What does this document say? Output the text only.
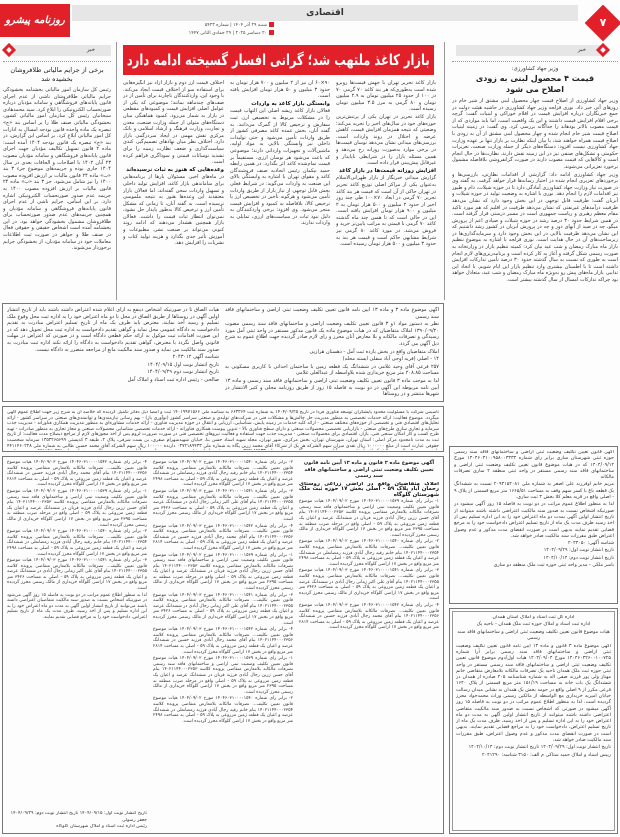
روزنامه پیشرو	شنبه ۲۹ آذر ۱۴۰۴ | شماره ۵۴۲۳
۲۰ دسامبر ۲۰۲۵ | ۲۹ جمادی الثانی ۱۴۴۷
اقتصادی
۷
خبر
وزیر جهاد کشاورزی:
قیمت ۴ محصول لبنی به زودی اصلاح می شود

وزیر جهاد کشاورزی از اصلاح قیمت چهار محصول لبنی مشتق از شیر خام در روزهای آتی خبر داد. نوری قزلجه وزیر جهاد کشاورزی در حاشیه هیئت دولت در جمع خبرنگاران درباره افزایش قیمت در اقلام خوراکی و لبنیات گفت: گرچه برخی اقلام افزایش قیمت داشتند و این یک واقعیت است، اما باید مواردی که از قیمت مصوب بالاتر بودهاند را جداگانه بررسی کرد. وی گفت: در زمینه لبنیات اصلاح قیمت شیر خام انجام شده و چهار محصول لبنی مشتق از آن به زودی با اصلاح قیمت همراه خواهند شد، با بیان اینکه نظارت بر بازار تنها بر عهده وزارت جهاد کشاورزی نیست افزود: دستگاه‌های دیگر از جمله وزارت صنعت، تعزیرات حکومتی و تشکل‌های صنفی نیز در این زمینه نقش دارند. نظارت‌ها در حال انجام است و کالاهایی که قیمت مصوب دارند در صورت گرانفروشی بلافاصله مشمول برخورد تعزیراتی می‌شوند.

وزیر جهاد کشاورزی ادامه داد: گزارشی از اقدامات نظارتی، بازرسی‌ها و برخوردهای تعزیری انجام شده در اختیار رسانه‌ها قرار خواهد گرفت. به گفته وی در صورت نیاز وزارت جهاد کشاورزی آمادگی دارد تا در حوزه شیلات، دام و طیور نیز اقدامات لازم را انجام دهد. نوری با اشاره به وضعیت تولید در حوزه شیلات و آبزیان گفت: ظرفیت قابل توجهی در این بخش وجود دارد که نشان می‌دهد ظرفیت درآمدهای غیرنفتی که نشان می‌دهد طرفیت در اقلیم که هم مورد تاکید مقام معظم رهبری و ریاست جمهوری است در مسیر درستی قرار گرفته است. در همین شرایط حدود ۳۰ درصد رشد در حوزه شیلات و صیادی اعم از پرورش میگو، چه در صید از آبهای دور و چه در پرورش آبزیان در کشور رشد داشتیم که این نشان می‌دهد ظرفیت بالایی در این بخش وجود دارد و سرمایه‌گذاری‌ها در زیرساخت‌های آن در حال هدایت است. نوری قزلجه با اشاره به موضوع تنظیم بازار ماه مبارک رمضان و شب عید بیان کرد: کمیته تنظیم بازار در وزارتخانه به صورت رسمی شکل گرفته و آغاز به کار کرده است و برنامه‌ریزی‌های لازم انجام است به طوری که نسبت به سال گذشته حدود ۳۰ درصد تأمین تدارکات افزایش داشته است تا با اطمینان بیشتری وارد تنظیم بازار این ایام شویم. با اتخاذ این تدابیر، بازار ماه‌های پیش رو به‌ویژه ماه مبارک رمضان و شب عید، متعادل خواهد بود چراکه تدارکات امسال از سال گذشته بیشتر است.

بازار کاغذ ملتهب شد؛ گرانی افسار گسیخته ادامه دارد

بازار کاغذ تحریر تهران با جهش قیمت‌ها روبرو شده است به‌طوری‌که هر بند کاغذ ۷۰ گرمی ۷۰ در ۱۰۰ از حدود ۲۵ میلیون تومان به ۲.۹ میلیون تومان و ۸۰ گرمی به مرز ۳.۵ میلیون تومان رسیده است.

بازار کاغذ تحریر در تهران یکی از پرتنش‌ترین حوزه‌های خود در سال‌های اخیر را تجربه می‌کند؛ وضعیتی که نتیجه همزمان افزایش قیمت، کاهش عرضه و اختلال در روند واردات است. بررسی‌های میدانی نشان می‌دهد نوسان قیمت‌ها در برخی موارد به‌صورت روزانه رخ می‌دهد و همین مسئله بازار را در شرایطی ناپایدار و غیرقابل پیش‌بینی قرار داده است.

افزایش روزانه قیمت‌ها در بازار کاغذ

گزارش میدانی خبرنگار از بازار طهرانی‌الاسلام به‌عنوان یکی از مراکز اصلی توزیع کاغذ تحریر در تهران حاکی از آن است که قیمت هر بند کاغذ تحریر ۷۰ گرمی در ابعاد ۷۰×۱۰۰ طی چند روز اخیر از حدود ۲ میلیون و ۵۰۰ هزار تومان به ۲ میلیون و ۹۰۰ هزار تومان افزایش یافته است. این در حالی است که تا همین چند ماه گذشته کاغذ ۷۰ گرمی با قیمتی به مراتب پایین‌تر خرید و فروش می‌شد. در مورد کاغذ ۸۰ گرمی نیز شرایط مشابهی حاکم است و قیمت هر بند به حدود ۳ میلیون و ۵۰۰ هزار تومان رسیده است.

۹۰×۶۰ آن نیز از ۲ میلیون و ۷۰۰ هزار تومان به حدود ۳ میلیون و ۵۰ هزار تومان افزایش یافته است.

وابستگی بازار کاغذ به واردات

فعالان بازار کاغذ ریشه اصلی این التهاب قیمت را در مشکلات مربوط به تخصیص ارز، ثبت سفارش و ترخیص کالا از گمرک می‌دانند. به گفته آنان، بخش عمده کاغذ مصرفی کشور از طریق واردات تأمین می‌شود و حتی تولیدات داخلی نیز وابستگی بالایی به مواد اولیه، ماشین‌آلات و تجهیزات وارداتی دارند؛ موضوعی که باعث می‌شود هر نوسان ارزی، مستقیماً بر قیمت تمام‌شده کاغذ اثر بگذارد. در همین رابطه حمید نیکمان رئیس اتحادیه صنف فروشندگان کاغذ و مقوای تهران با اشاره به وابستگی بالای این صنعت به واردات می‌گوید: در شرایط فعلی بخش قابل توجهی از نیاز بازار از طریق واردات تأمین می‌شود و هرگونه تأخیر در تخصیص ارز یا ترخیص کالا، بلافاصله به کمبود و افزایش قیمت منجر می‌شود. وی افزود: برخی واردکنندگان به دلیل نبود ثبات در سیاست‌های ارزی، تمایلی به واردات ندارند.

اختلاف قیمت ارز دوم و بازار آزاد نیز انگیزه‌هایی برای استفاده سو از اختلاف قیمت ایجاد می‌کند. با وجود این، واردکنندگان ناچارند برای تأمین از در صف‌های چندماهه بمانند؛ موضوعی که یکی از عوامل اصلی افزایش قیمت و کمبودهای مقطعی در بازار به شمار می‌رود. کمبود هماهنگی میان دستگاه‌های متولی از جمله وزارت صنعت، معدن و تجارت، وزارت فرهنگ و ارشاد اسلامی و بانک مرکزی نقش مهمی در ایجاد سردرگمی بازار دارد. اختلاف نظر میان نهادهای تصمیم‌گیر، کندی سیاست‌گذاری و ضعف نظارت زمینه را برای تشدید نوسانات قیمتی و سوداگری فراهم کرده است.

وعده‌هایی که هنوز به ثبات نرسیده‌اند

در ماه‌های اخیر، مسئولان بارها از برنامه‌هایی برای ساماندهی بازار کاغذ، افزایش تولید داخلی و تسهیل واردات سخن گفته‌اند، اما فعالان بازار معتقدند این وعده‌ها هنوز به نتیجه ملموسی نرسیده است. به گفته آنان، تا زمانی که مشکل تأمین ارز و ترخیص کالا به‌طور پایدار حل نشود، نمی‌توان انتظار ثبات قیمت را داشت. فعالان بازار همچنین هشدار می‌دهند که ادامه روند کنونی می‌تواند بر صنعت نشر، مطبوعات و آموزش تأثیر جدی بگذارد و هزینه تولید کتاب و نشریات را افزایش دهد.

خبر
برخی از جرایم مالیاتی طلافروشان بخشیده شد

رئیس کل سازمان امور مالیاتی بخشنامه بخشودگی جرایم مالیاتی طلافروشان ناشی از عدم اجرای قانون پایانه‌های فروشگاهی و سامانه مؤدیان درباره صورتحساب الکترونیکی را ابلاغ کرد. سید محمدهادی سبحانیان رئیس کل سازمان امور مالیاتی کشور، بخشودگی مالیاتی صنف طلا را بر اساس بند «ج» تبصره یک ماده واحده قانون بودجه امسال به ادارات کل امور مالیاتی ابلاغ کرد. بر اساس این گزارش، در بند «ج» تبصره یک قانون بودجه ۱۴۰۴ آمده است: ماده ۲ قانون تسهیل تکالیف مؤدیان جهت اجرای قانون پایانه‌های فروشگاهی و سامانه مؤدیان مصوب ۲۳ آبان ۱۴۰۲ با اصلاحات و الحاقات بعدی در سال ۱۴۰۴ جاری بوده و جریمه‌های موضوع جزء ۳ بند «ب» ماده ۲۴ قانون مالیات بر ارزش افزوده مصوب ۱۴۰۰ را نیز شامل می‌شود. جز ۳ بند «ب» ماده ۲۴ قانون مالیات بر ارزش افزوده مصوب ۱۴۰۰ به جریمه عدم صدور صورتحساب الکترونیکی اشاره دارد. بر این اساس، جرایم ناشی از عدم اجرای قانون پایانه‌های فروشگاهی و سامانه مؤدیان و همچنین جریمه‌های عدم صدور صورتحساب برای طلافروشان مشمول بخشودگی خواهد بود. در این بخشنامه آمده است اشخاص حقیقی و حقوقی فعال در صنف طلا و جواهر در صورت ثبت اطلاعات معاملات خود در سامانه مؤدیان، از بخشودگی جرایم برخوردار می‌شوند.

آگهی موضوع ماده ۳ و ماده ۱۳ آیین نامه قانون تعیین تکلیف وضعیت ثبتی اراضی و ساختمانهای فاقد سند رسمی

نظر به دستور مواد ۱و ۳ قانون تعیین تکلیف وضعیت اراضی و ساختمانهای فاقد سند رسمی مصوب ۱۳۹۰/۰۹/۲۰ املاک متقاضیان که در هیات موضوع ماده یک قانون مذکور مستقر در واحد ثبتی آمل مورد رسیدگی و تصرفات مالکانه و بلا معارض آنان محرز و رای لازم صادر گردیده جهت اطلاع عموم به شرح ذیل آگهی می گردد.

املاک متقاضیان واقع در بخش یازده ثبت آمل - دهستان هرازپی

۱۴ - اصلی (قریه اوجی آباد سفلی ایسته محله)

۲۵۷ فرعی آقای وحید غلامی در ششدانگ یک قطعه زمین با ساختمان احداثی با کاربری مسکونی به مساحت ۲۰۸.۸۵ متر مربع خریداری شده بلاواسطه از عبدالعلی غلامی

لذا به موجب ماده ۳ قانون تعیین تکلیف وضعیت ثبتی اراضی و ساختمانهای فاقد سند رسمی و ماده ۱۳ آیین نامه مربوطه این آگهی در دو نوبت به فاصله ۱۵ روز از طریق روزنامه محلی و کثیر الانتشار در شهرها منتشر و در روستاها

هیات الصاق تا در صورتیکه اشخاص ذینفع به آرای اعلام شده اعتراض داشته باشند باید از تاریخ انتشار اولین آگهی در روستاها از طریق الصاق در محل تا دو ماه اعتراض خود را به اداره ثبت محل وقوع ملک تسلیم و رسید اخذ نمایند. معترض باید ظرف یک ماه از تاریخ تسلیم اعتراض مبادرت به تقدیم دادخواست به دادگاه عمومی محل نماید و گواهی تقدیم دادخواست به اداره ثبت محل تحویل دهد که در این صورت اقدامات ثبت موکول به ارائه حکم قطعی دادگاه است و در صورتی که اعتراض در مهلت قانونی واصل نگردد یا معترض، گواهی تقدیم دادخواست به دادگاه را ارائه نکند اداره ثبت مبادرت به صدور سند مالکیت می نماید و صدور سند مالکیت مانع از مراجعه متضرر به دادگاه نیست.

شناسه آگهی ۲۰۴۳۰۱۲

تاریخ انتشار نوبت اول ۱۴۰۴/۰۹/۱۵

تاریخ انتشار نوبت دوم ۱۴۰۴/۰۹/۲۹

صالحی - رئیس اداره ثبت اسناد و املاک آمل

تاسیس شرکت با مسئولیت محدود پایشگران توسعه فناوری فردا در تاریخ ۱۴۰۴/۰۹/۲۵ به شماره ثبت ۶۶۳۳۶۴ به شناسه ملی ۱۴۰۱۹۹۷۱۵۶۶ ثبت و امضا ذیل دفاتر تکمیل گردیده که خلاصه آن به شرح زیر جهت اطلاع عموم آگهی میگردد. موضوع فعالیت: ارائه خدمات تخصصی به منظور مدیریت حل چالش‌ها و مشکلات فنی در شرکت‌های تولیدی و صنعتی سراسر کشور (نوآوری باز) - بهم رسانی نیازمندی‌ها و توانمندی‌های صنعتی در سراسر کشور - ارائه تحلیل‌های اقتصادی فنی و تخصصی از حوزه‌های مختلف صنعتی - ارائه کلیه خدمات در زمینه پایش، شناسایی، ارزیابی و انتقال در حوزه مدیریت فناوری - ارائه خدمات مشاوره‌ای به منظور مدیریت همکاری فناورانه - مدیریت جذب سرمایه و تجاری سازی طرح‌های صنعتی - بازاریابی تخصصی محصولات صنعتی و دارای سطح فناوری بالا - تدوین پیوست همکاری فناورانه - ارائه خدمات تخصصی شناسایی محصولات صنعتی و مجاز تجاری به منظور صادرات - تهیه طرح کسب و کار امکان سنجی فنی، بازار، اقتصادی برای محصولات صنعتی - مدیریت جذب جهت استفاده و فعالیت نیروهای تخصصی فنی در صورت ضرورت لزوم پس از اخذ مجوزهای لازم از مراجع ذیصلاح مدت فعالیت: از تاریخ ثبت به مدت نامحدود مرکز اصلی: استان تهران، شهرستان تهران، بخش مرکزی، شهر تهران، محله شهید استاد حسن بنا، خیابان شهیدشهرام صفری، بن بست شرقی، پلاک ۲، طبقه ۳ کدپستی ۱۳۵۳۲۶۵۶۹۹ سرمایه شخصیت حقوقی عبارت است از مبلغ ۱۰۰۰۰۰۰ ریال نقدی میزان سهم الشرکه هر یک از شرکاء آقای محمد زرین پگاه به شماره ملی ۰۳۷۲۱۸۹۴۳۳ دارنده ۱۰۰۰۰۰ ریال سهم الشرکه آقای محمد حسین طالبی به شماره ملی ۴۴۱۱۴۶۰۲۲۸

آگهی موضوع ماده ۳ قانون و ماده ۱۳ آیین نامه قانون تعیین تکلیف وضعیت ثبتی اراضی و ساختمانهای فاقد سند رسمی

املاک متقاضیان واقع در اراضی زراعی روستای رحمان آباد پلاک ۵۹ - اصلی بخش ۱۷ حوزه ثبت ملک شهرستان گلوگاه

۱- برابر رای شماره ۱۴۰۴۶۰۳۱۰۰۰۰۱۵۳۹ مورخ ۱۴۰۴/۰۹/۰۲ هیات موضوع قانون تعیین تکلیف وضعیت ثبتی اراضی و ساختمانهای فاقد سند رسمی تصرفات مالکانه بلامعارض متقاضی پرونده کلاسه ۱۴۰۲۱۱۴۴۰۰۰۲۳۵۳ بنام آقای حسن زرین رجال آبادی فرزند قربان در ششدانگ عرصه و اعیان یک قطعه زمین مزروعی به پلاک ۵۹ - اصلی واقع در مرحله ضرب منطقه به مساحت ۲۳۹۵ متر مربع واقع در بخش ۱۷ اراضی گلوگاه خریداری از مالک رسمی محرز گردیده است.

۲- برابر رای شماره ۱۴۰۴۶۰۳۱۰۰۰۰۱۵۴۰ مورخ ۱۴۰۴/۰۹/۰۲ هیات موضوع قانون تعیین تکلیف... تصرفات مالکانه بلامعارض متقاضی پرونده کلاسه ۱۴۰۲۱۱۴۴۰۰۰۲۳۵۴ بنام خانم رقیه رجال آبادی فرزند رمضانعلی در ششدانگ عرصه و اعیان یک قطعه زمین مزروعی به پلاک ۵۹ - اصلی به مساحت ۲۴۹۸ متر مربع واقع در بخش ۱۷ اراضی گلوگاه محرز گردیده است.

۳- برابر رای شماره ۱۴۰۴۶۰۳۱۰۰۰۰۱۵۴۱ مورخ ۱۴۰۴/۰۹/۰۳ هیات موضوع قانون تعیین تکلیف... تصرفات مالکانه بلامعارض متقاضی پرونده کلاسه ۱۴۰۲۱۱۴۴۰۰۰۲۳۵۵ بنام آقای علی اکبر زمانی رجال آبادی در ششدانگ عرصه و اعیان یک قطعه زمین مزروعی به پلاک ۵۹ - اصلی به مساحت ۳۴۲۶ متر مربع واقع در بخش ۱۷ اراضی گلوگاه خریداری از مالک رسمی محرز گردیده است.

۴- برابر رای شماره ۱۴۰۴۶۰۳۱۰۰۰۰۱۵۴۲ مورخ ۱۴۰۴/۰۹/۰۳ هیات موضوع قانون تعیین تکلیف... تصرفات مالکانه بلامعارض متقاضی پرونده کلاسه ۱۴۰۲۱۱۴۴۰۰۰۲۳۵۶ بنام آقای محمد رجال آبادی فرزند حسین در ششدانگ عرصه و اعیان یک قطعه زمین مزروعی به پلاک ۵۹ - اصلی به مساحت ۲۸۱۴ متر مربع واقع در بخش ۱۷ اراضی گلوگاه محرز گردیده است.

۲- برابر رای شماره ۱۴۰۴۶۰۳۱۰۰۰۰۱۵۴۰ مورخ ۱۴۰۴/۰۹/۰۲ هیات موضوع قانون تعیین تکلیف... تصرفات مالکانه بلامعارض متقاضی پرونده کلاسه ۱۴۰۲۱۱۴۴۰۰۰۲۳۵۴ بنام خانم رقیه رجال آبادی فرزند رمضانعلی در ششدانگ عرصه و اعیان یک قطعه زمین مزروعی به پلاک ۵۹ - اصلی به مساحت ۲۴۹۸ متر مربع واقع در بخش ۱۷ اراضی گلوگاه محرز گردیده است.

۳- برابر رای شماره ۱۴۰۴۶۰۳۱۰۰۰۰۱۵۴۱ مورخ ۱۴۰۴/۰۹/۰۳ هیات موضوع قانون تعیین تکلیف... تصرفات مالکانه بلامعارض متقاضی پرونده کلاسه ۱۴۰۲۱۱۴۴۰۰۰۲۳۵۵ بنام آقای علی اکبر زمانی رجال آبادی در ششدانگ عرصه و اعیان یک قطعه زمین مزروعی به پلاک ۵۹ - اصلی به مساحت ۳۴۲۶ متر مربع واقع در بخش ۱۷ اراضی گلوگاه خریداری از مالک رسمی محرز گردیده است.

۴- برابر رای شماره ۱۴۰۴۶۰۳۱۰۰۰۰۱۵۴۲ مورخ ۱۴۰۴/۰۹/۰۳ هیات موضوع قانون تعیین تکلیف... تصرفات مالکانه بلامعارض متقاضی پرونده کلاسه ۱۴۰۲۱۱۴۴۰۰۰۲۳۵۶ بنام آقای محمد رجال آبادی فرزند حسین در ششدانگ عرصه و اعیان یک قطعه زمین مزروعی به پلاک ۵۹ - اصلی به مساحت ۲۸۱۴ متر مربع واقع در بخش ۱۷ اراضی گلوگاه محرز گردیده است.

۱- برابر رای شماره ۱۴۰۴۶۰۳۱۰۰۰۰۱۵۳۹ مورخ ۱۴۰۴/۰۹/۰۲ هیات موضوع قانون تعیین تکلیف وضعیت ثبتی اراضی و ساختمانهای فاقد سند رسمی تصرفات مالکانه بلامعارض متقاضی پرونده کلاسه ۱۴۰۲۱۱۴۴۰۰۰۲۳۵۳ بنام آقای حسن زرین رجال آبادی فرزند قربان در ششدانگ عرصه و اعیان یک قطعه زمین مزروعی به پلاک ۵۹ - اصلی واقع در مرحله ضرب منطقه به مساحت ۲۳۹۵ متر مربع واقع در بخش ۱۷ اراضی گلوگاه خریداری از مالک رسمی محرز گردیده است.

۳- برابر رای شماره ۱۴۰۴۶۰۳۱۰۰۰۰۱۵۴۱ مورخ ۱۴۰۴/۰۹/۰۳ هیات موضوع قانون تعیین تکلیف... تصرفات مالکانه بلامعارض متقاضی پرونده کلاسه ۱۴۰۲۱۱۴۴۰۰۰۲۳۵۵ بنام آقای علی اکبر زمانی رجال آبادی در ششدانگ عرصه و اعیان یک قطعه زمین مزروعی به پلاک ۵۹ - اصلی به مساحت ۳۴۲۶ متر مربع واقع در بخش ۱۷ اراضی گلوگاه خریداری از مالک رسمی محرز گردیده است.

۴- برابر رای شماره ۱۴۰۴۶۰۳۱۰۰۰۰۱۵۴۲ مورخ ۱۴۰۴/۰۹/۰۳ هیات موضوع قانون تعیین تکلیف... تصرفات مالکانه بلامعارض متقاضی پرونده کلاسه ۱۴۰۲۱۱۴۴۰۰۰۲۳۵۶ بنام آقای محمد رجال آبادی فرزند حسین در ششدانگ عرصه و اعیان یک قطعه زمین مزروعی به پلاک ۵۹ - اصلی به مساحت ۲۸۱۴ متر مربع واقع در بخش ۱۷ اراضی گلوگاه محرز گردیده است.

۱- برابر رای شماره ۱۴۰۴۶۰۳۱۰۰۰۰۱۵۳۹ مورخ ۱۴۰۴/۰۹/۰۲ هیات موضوع قانون تعیین تکلیف وضعیت ثبتی اراضی و ساختمانهای فاقد سند رسمی تصرفات مالکانه بلامعارض متقاضی پرونده کلاسه ۱۴۰۲۱۱۴۴۰۰۰۲۳۵۳ بنام آقای حسن زرین رجال آبادی فرزند قربان در ششدانگ عرصه و اعیان یک قطعه زمین مزروعی به پلاک ۵۹ - اصلی واقع در مرحله ضرب منطقه به مساحت ۲۳۹۵ متر مربع واقع در بخش ۱۷ اراضی گلوگاه خریداری از مالک رسمی محرز گردیده است.

۲- برابر رای شماره ۱۴۰۴۶۰۳۱۰۰۰۰۱۵۴۰ مورخ ۱۴۰۴/۰۹/۰۲ هیات موضوع قانون تعیین تکلیف... تصرفات مالکانه بلامعارض متقاضی پرونده کلاسه ۱۴۰۲۱۱۴۴۰۰۰۲۳۵۴ بنام خانم رقیه رجال آبادی فرزند رمضانعلی در ششدانگ عرصه و اعیان یک قطعه زمین مزروعی به پلاک ۵۹ - اصلی به مساحت ۲۴۹۸ متر مربع واقع در بخش ۱۷ اراضی گلوگاه محرز گردیده است.

۴- برابر رای شماره ۱۴۰۴۶۰۳۱۰۰۰۰۱۵۴۲ مورخ ۱۴۰۴/۰۹/۰۳ هیات موضوع قانون تعیین تکلیف... تصرفات مالکانه بلامعارض متقاضی پرونده کلاسه ۱۴۰۲۱۱۴۴۰۰۰۲۳۵۶ بنام آقای محمد رجال آبادی فرزند حسین در ششدانگ عرصه و اعیان یک قطعه زمین مزروعی به پلاک ۵۹ - اصلی به مساحت ۲۸۱۴ متر مربع واقع در بخش ۱۷ اراضی گلوگاه محرز گردیده است.

۱- برابر رای شماره ۱۴۰۴۶۰۳۱۰۰۰۰۱۵۳۹ مورخ ۱۴۰۴/۰۹/۰۲ هیات موضوع قانون تعیین تکلیف وضعیت ثبتی اراضی و ساختمانهای فاقد سند رسمی تصرفات مالکانه بلامعارض متقاضی پرونده کلاسه ۱۴۰۲۱۱۴۴۰۰۰۲۳۵۳ بنام آقای حسن زرین رجال آبادی فرزند قربان در ششدانگ عرصه و اعیان یک قطعه زمین مزروعی به پلاک ۵۹ - اصلی واقع در مرحله ضرب منطقه به مساحت ۲۳۹۵ متر مربع واقع در بخش ۱۷ اراضی گلوگاه خریداری از مالک رسمی محرز گردیده است.

۲- برابر رای شماره ۱۴۰۴۶۰۳۱۰۰۰۰۱۵۴۰ مورخ ۱۴۰۴/۰۹/۰۲ هیات موضوع قانون تعیین تکلیف... تصرفات مالکانه بلامعارض متقاضی پرونده کلاسه ۱۴۰۲۱۱۴۴۰۰۰۲۳۵۴ بنام خانم رقیه رجال آبادی فرزند رمضانعلی در ششدانگ عرصه و اعیان یک قطعه زمین مزروعی به پلاک ۵۹ - اصلی به مساحت ۲۴۹۸ متر مربع واقع در بخش ۱۷ اراضی گلوگاه محرز گردیده است.

۳- برابر رای شماره ۱۴۰۴۶۰۳۱۰۰۰۰۱۵۴۱ مورخ ۱۴۰۴/۰۹/۰۳ هیات موضوع قانون تعیین تکلیف... تصرفات مالکانه بلامعارض متقاضی پرونده کلاسه ۱۴۰۲۱۱۴۴۰۰۰۲۳۵۵ بنام آقای علی اکبر زمانی رجال آبادی در ششدانگ عرصه و اعیان یک قطعه زمین مزروعی به پلاک ۵۹ - اصلی به مساحت ۳۴۲۶ متر مربع واقع در بخش ۱۷ اراضی گلوگاه خریداری از مالک رسمی محرز گردیده است.

لذا به منظور اطلاع عموم مراتب در دو نوبت به فاصله ۱۵ روز آگهی می‌شود در صورتیکه اشخاص نسبت به صدور سند مالکیت متقاضیان اعتراضی داشته باشند می‌توانند از تاریخ انتشار اولین آگهی به مدت دو ماه اعتراض خود را به این اداره تسلیم و پس از اخذ رسید، ظرف مدت یک ماه از تاریخ تسلیم اعتراض، دادخواست خود را به مراجع قضایی تقدیم نمایند.

تاریخ انتشار نوبت اول: ۱۴۰۴/۰۹/۱۵ تاریخ انتشار نوبت دوم: ۱۴۰۴/۰۹/۲۹
جعفر رسولی
رئیس اداره ثبت اسناد و املاک شهرستان گلوگاه

آگهی قانون تعیین تکلیف وضعیت ثبتی اراضی و ساختمانهای فاقد سند رسمی حوزه ثبتی شهرستان ساری برابر رای شماره ۱۴۰۴۶۰۳۱۰۰۹۵۸۰۰۳۳۳۳ مورخ ۱۴۰۴/۰۹/۱۴ که در هیات موضوع قانون تعیین تکلیف وضعیت ثبتی اراضی و ساختمانهای فاقد سند رسمی مستقر در واحد ثبتی منطقه ۲ ساری تصرفات مالکانه

مریم خانم اوفرزند علی اصغر به شماره ملی ۲۰۹۳۱۵۴۰۸۱ نسبت به ششدانگ یک قطعه باغ با کسر سهم وقف به مساحت ۱۶۶۵/۵۱ متر مربع قسمتی از پلاک ۹ - اصلی واقع در قریه معلم کلا بخش ۳ ثبت ساری.

لذا به منظور اطلاع عموم مراتب در دو نوبت به فاصله ۱۵ روز آگهی میشود در صورتیکه اشخاص نسبت به صدور سند مالکیت اعتراضی داشته باشند میتوانند از تاریخ انتشار اولین آگهی بمدت دو ماه اعتراض خود را به این اداره تسلیم پس از اخذ رسید ظرف مدت یک ماه از تاریخ تسلیم اعتراض دادخواست خود را به مرجع قضایی تقدیم نمایند بدیهی است در صورت انقضای مدت مذکور و عدم وصول اعتراض طبق مقررات سند مالکیت صادر خواهد شد.

شناسه آگهی: ۲۰۴۳۰۵۰

تاریخ انتشار نوبت اول: ۱۴۰۴/۰۹/۲۹

تاریخ انتشار نوبت دوم: ۱۴۰۴/۱۰/۱۴

یاسر ملکی - مدیر واحد ثبتی حوزه ثبت ملک منطقه دو ساری

اداره کل ثبت اسناد و املاک استان همدان

اداره ثبت اسناد و املاک حوزه ثبت ملک همدان - ناحیه یک

هیات موضوع قانون تعیین تکلیف وضعیت ثبتی اراضی و ساختمانهای فاقد سند رسمی

آگهی موضوع ماده ۳ قانون و ماده ۱۳ آیین نامه قانون تعیین تکلیف وضعیت ثبتی اراضی و ساختمانهای فاقد سند رسمی برابر آرا شماره ۱۴۰۴۶۰۳۲۶۰۰۱۰۰۷۲۵ مورخ ۱۴۰۴/۰۹/۰۴ هیات اول/دوم موضوع قانون تعیین تکلیف وضعیت ثبتی اراضی و ساختمانهای فاقد سند رسمی مستقر در واحد ثبتی حوزه ثبت ملک همدان ناحیه یک تصرفات مالکانه بلامعارض متقاضی خانم مهناز ولی پور فرزند صفی اله به شماره شناسنامه ۴۰۵ صادره از همدان در ششدانگ یک باب خانه به مساحت ۱۵۱/۱۹ متر مربع قسمتی از پلاک ۱۶۴۰ فرعی مکرر از ۹ اصلی واقع در حومه بخش یک همدان به نشانی میدان رسالت خیابان امیریه خریداری مع الواسطه از مالکین رسمی وراث محمدجواد محرز گردیده است. لذا به منظور اطلاع عموم مراتب در دو نوبت به فاصله ۱۵ روز آگهی میشود در صورتی که اشخاص نسبت به صدور سند مالکیت متقاضی اعتراضی داشته باشند میتوانند از تاریخ انتشار اولین آگهی به مدت دو ماه اعتراض خود را به این اداره تسلیم و پس از اخذ رسید، ظرف مدت یک ماه از تاریخ تسلیم اعتراض، دادخواست خود را به مراجع قضایی تقدیم نمایند. بدیهی است در صورت انقضای مدت مذکور و عدم وصول اعتراض، طبق مقررات سند مالکیت صادر خواهد شد.

تاریخ انتشار نوبت اول: ۱۴۰۴/۰۹/۲۹ تاریخ انتشار نوبت دوم: ۱۴۰۴/۱۰/۱۴

رییس اسناد و املاک حمید ستاکی م الف: ۳۱۵۰ شناسه: ۲۰۴۱۲۹۰
